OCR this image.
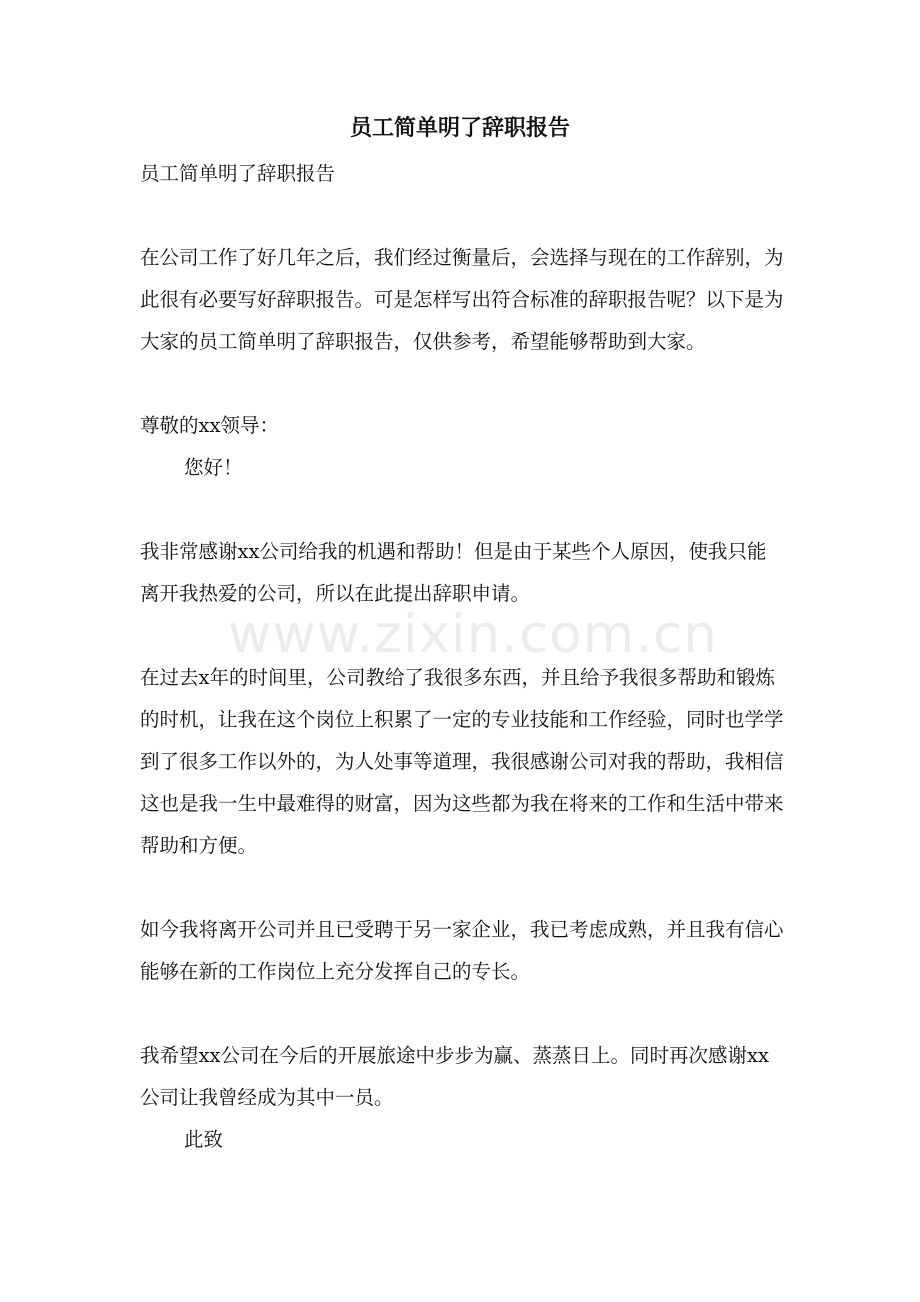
员工简单明了辞职报告

员工简单明了辞职报告

在公司工作了好几年之后，我们经过衡量后，会选择与现在的工作辞别，为此很有必要写好辞职报告。可是怎样写出符合标准的辞职报告呢？以下是为大家的员工简单明了辞职报告，仅供参考，希望能够帮助到大家。

尊敬的xx领导：

您好！

我非常感谢xx公司给我的机遇和帮助！但是由于某些个人原因，使我只能离开我热爱的公司，所以在此提出辞职申请。

在过去x年的时间里，公司教给了我很多东西，并且给予我很多帮助和锻炼的时机，让我在这个岗位上积累了一定的专业技能和工作经验，同时也学学到了很多工作以外的，为人处事等道理，我很感谢公司对我的帮助，我相信这也是我一生中最难得的财富，因为这些都为我在将来的工作和生活中带来帮助和方便。

如今我将离开公司并且已受聘于另一家企业，我已考虑成熟，并且我有信心能够在新的工作岗位上充分发挥自己的专长。

我希望xx公司在今后的开展旅途中步步为赢、蒸蒸日上。同时再次感谢xx公司让我曾经成为其中一员。

此致

www.zixin.com.cn
